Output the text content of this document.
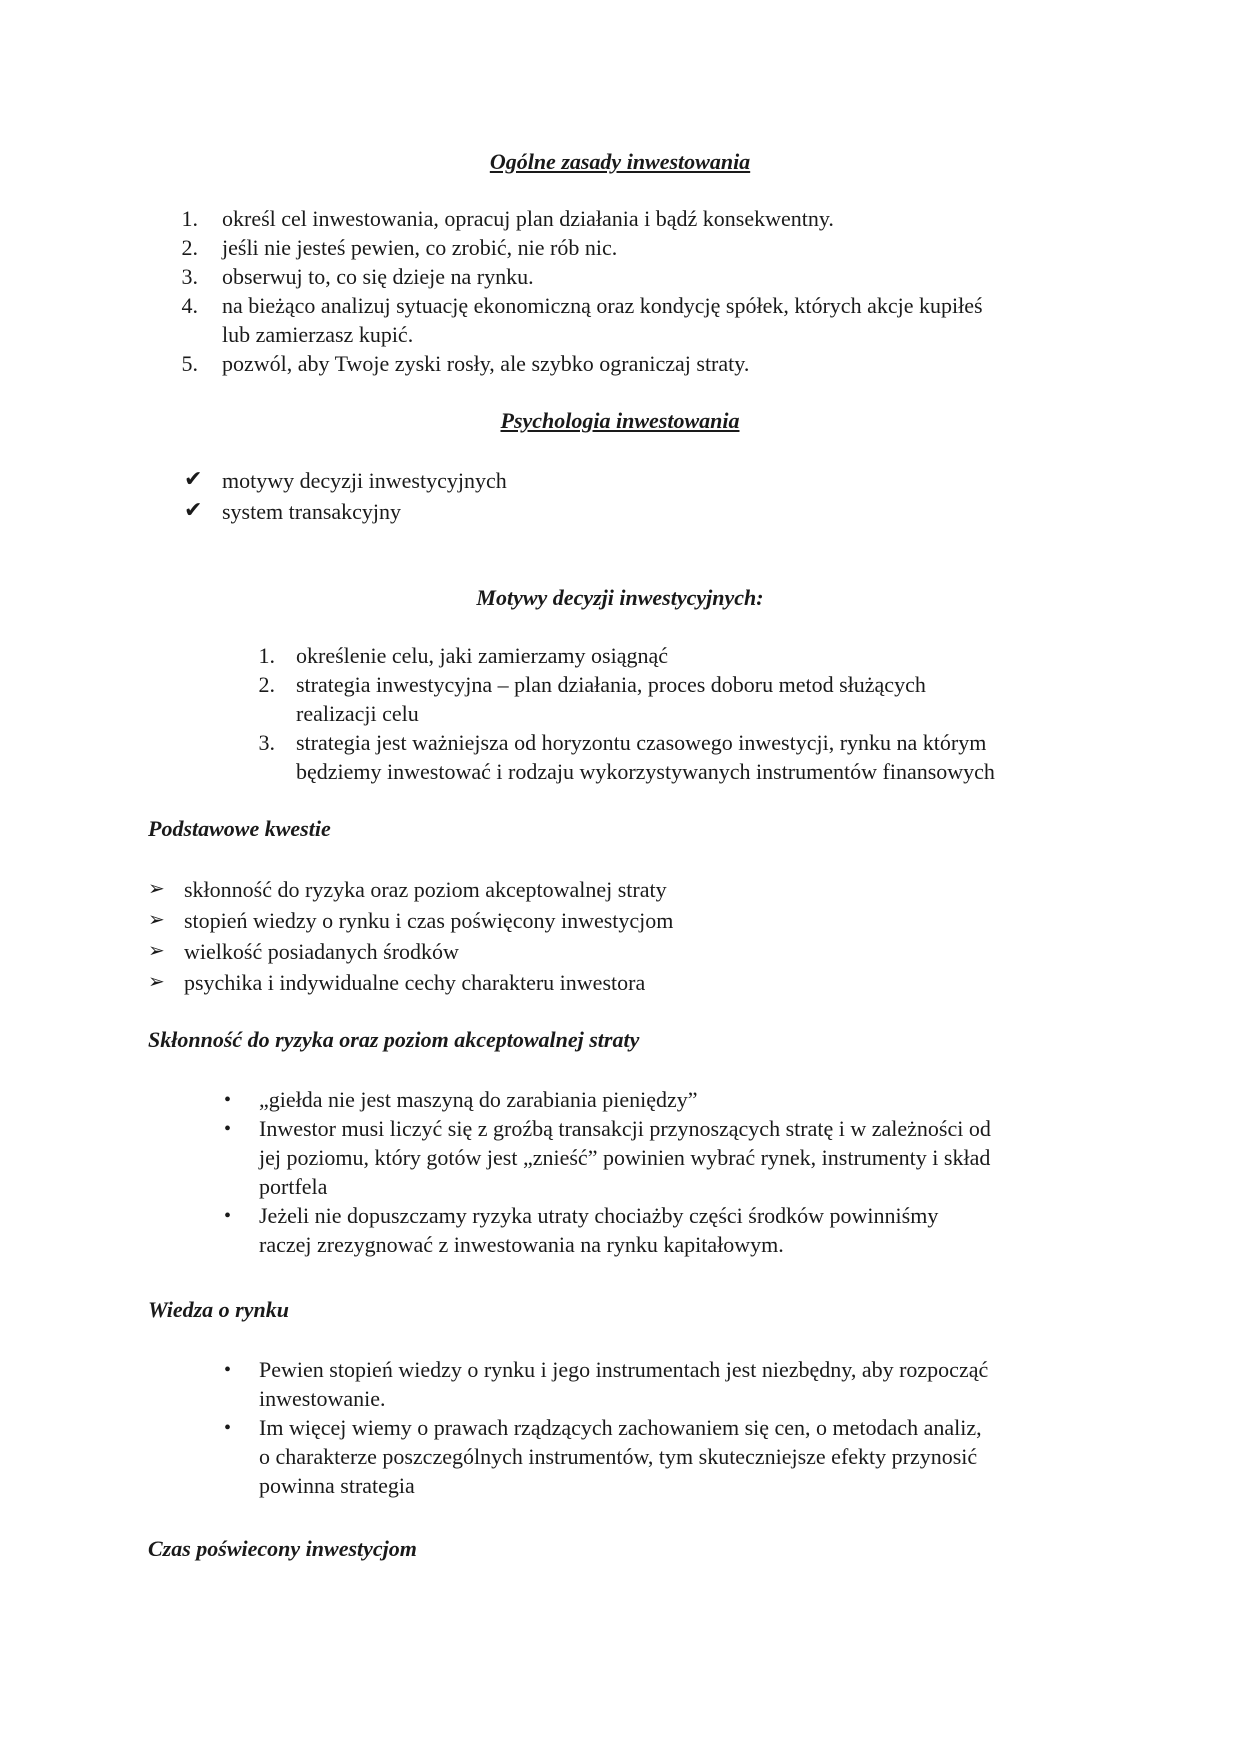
Ogólne zasady inwestowania
1. określ cel inwestowania, opracuj plan działania i bądź konsekwentny.
2. jeśli nie jesteś pewien, co zrobić, nie rób nic.
3. obserwuj to, co się dzieje na rynku.
4. na bieżąco analizuj sytuację ekonomiczną oraz kondycję spółek, których akcje kupiłeś
lub zamierzasz kupić.
5. pozwól, aby Twoje zyski rosły, ale szybko ograniczaj straty.
Psychologia inwestowania
✔ motywy decyzji inwestycyjnych
✔ system transakcyjny
Motywy decyzji inwestycyjnych:
1. określenie celu, jaki zamierzamy osiągnąć
2. strategia inwestycyjna – plan działania, proces doboru metod służących
realizacji celu
3. strategia jest ważniejsza od horyzontu czasowego inwestycji, rynku na którym
będziemy inwestować i rodzaju wykorzystywanych instrumentów finansowych
Podstawowe kwestie
➢ skłonność do ryzyka oraz poziom akceptowalnej straty
➢ stopień wiedzy o rynku i czas poświęcony inwestycjom
➢ wielkość posiadanych środków
➢ psychika i indywidualne cechy charakteru inwestora
Skłonność do ryzyka oraz poziom akceptowalnej straty
• „giełda nie jest maszyną do zarabiania pieniędzy”
• Inwestor musi liczyć się z groźbą transakcji przynoszących stratę i w zależności od
jej poziomu, który gotów jest „znieść” powinien wybrać rynek, instrumenty i skład
portfela
• Jeżeli nie dopuszczamy ryzyka utraty chociażby części środków powinniśmy
raczej zrezygnować z inwestowania na rynku kapitałowym.
Wiedza o rynku
• Pewien stopień wiedzy o rynku i jego instrumentach jest niezbędny, aby rozpocząć
inwestowanie.
• Im więcej wiemy o prawach rządzących zachowaniem się cen, o metodach analiz,
o charakterze poszczególnych instrumentów, tym skuteczniejsze efekty przynosić
powinna strategia
Czas poświecony inwestycjom
